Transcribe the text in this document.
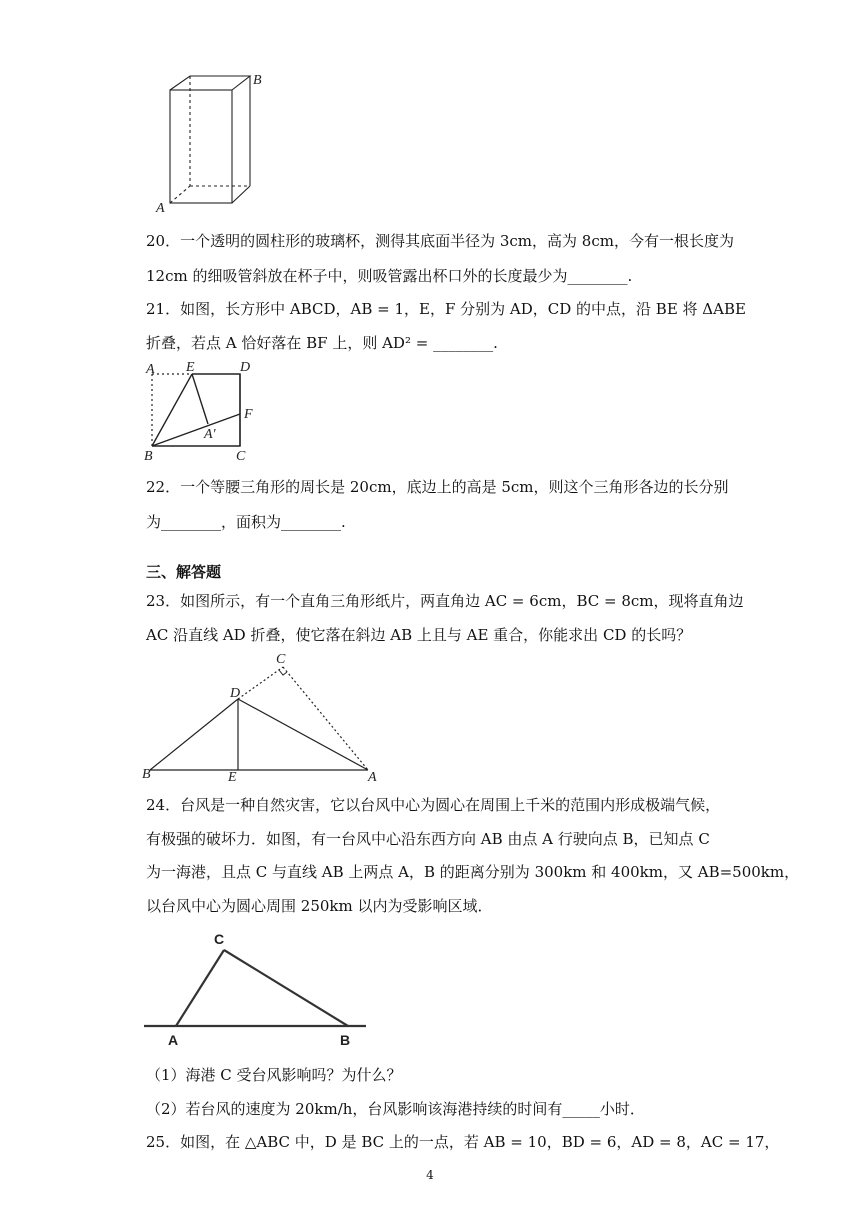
B
A
20．一个透明的圆柱形的玻璃杯，测得其底面半径为 3cm，高为 8cm，今有一根长度为
12cm 的细吸管斜放在杯子中，则吸管露出杯口外的长度最少为________.
21．如图，长方形中 ABCD，AB = 1，E，F 分别为 AD，CD 的中点，沿 BE 将 ΔABE
折叠，若点 A 恰好落在 BF 上，则 AD² = ________.
A E	D
F
A′
B	C
22．一个等腰三角形的周长是 20cm，底边上的高是 5cm，则这个三角形各边的长分别
为________，面积为________.
三、解答题
23．如图所示，有一个直角三角形纸片，两直角边 AC = 6cm，BC = 8cm，现将直角边
AC 沿直线 AD 折叠，使它落在斜边 AB 上且与 AE 重合，你能求出 CD 的长吗？
C
D
B	E	A
24．台风是一种自然灾害，它以台风中心为圆心在周围上千米的范围内形成极端气候，
有极强的破坏力．如图，有一台风中心沿东西方向 AB 由点 A 行驶向点 B，已知点 C
为一海港，且点 C 与直线 AB 上两点 A，B 的距离分别为 300km 和 400km，又 AB=500km，
以台风中心为圆心周围 250km 以内为受影响区域．
C
A	B
（1）海港 C 受台风影响吗？为什么？
（2）若台风的速度为 20km/h，台风影响该海港持续的时间有_____小时．
25．如图，在 △ABC 中，D 是 BC 上的一点，若 AB = 10，BD = 6，AD = 8，AC = 17，
4
